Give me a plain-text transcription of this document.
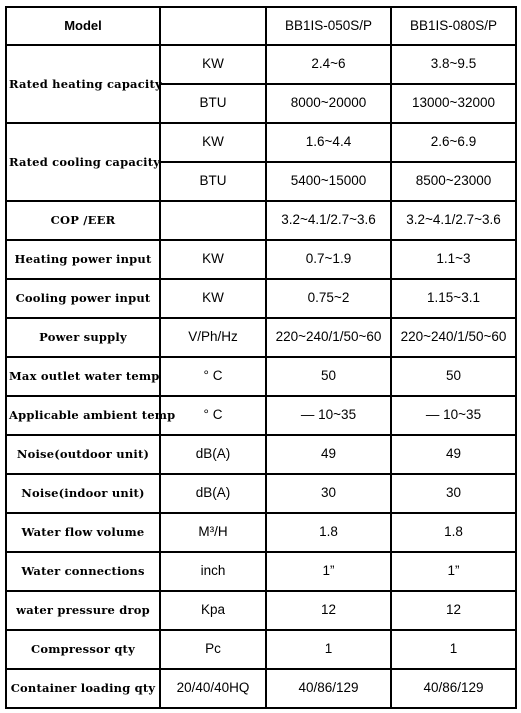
Model		BB1IS-050S/P	BB1IS-080S/P
Rated heating capacity	KW	2.4~6	3.8~9.5
	BTU	8000~20000	13000~32000
Rated cooling capacity	KW	1.6~4.4	2.6~6.9
	BTU	5400~15000	8500~23000
COP /EER		3.2~4.1/2.7~3.6	3.2~4.1/2.7~3.6
Heating power input	KW	0.7~1.9	1.1~3
Cooling power input	KW	0.75~2	1.15~3.1
Power supply	V/Ph/Hz	220~240/1/50~60	220~240/1/50~60
Max outlet water temp	° C	50	50
Applicable ambient temp	° C	— 10~35	— 10~35
Noise(outdoor unit)	dB(A)	49	49
Noise(indoor unit)	dB(A)	30	30
Water flow volume	M³/H	1.8	1.8
Water connections	inch	1”	1”
water pressure drop	Kpa	12	12
Compressor qty	Pc	1	1
Container loading qty	20/40/40HQ	40/86/129	40/86/129
